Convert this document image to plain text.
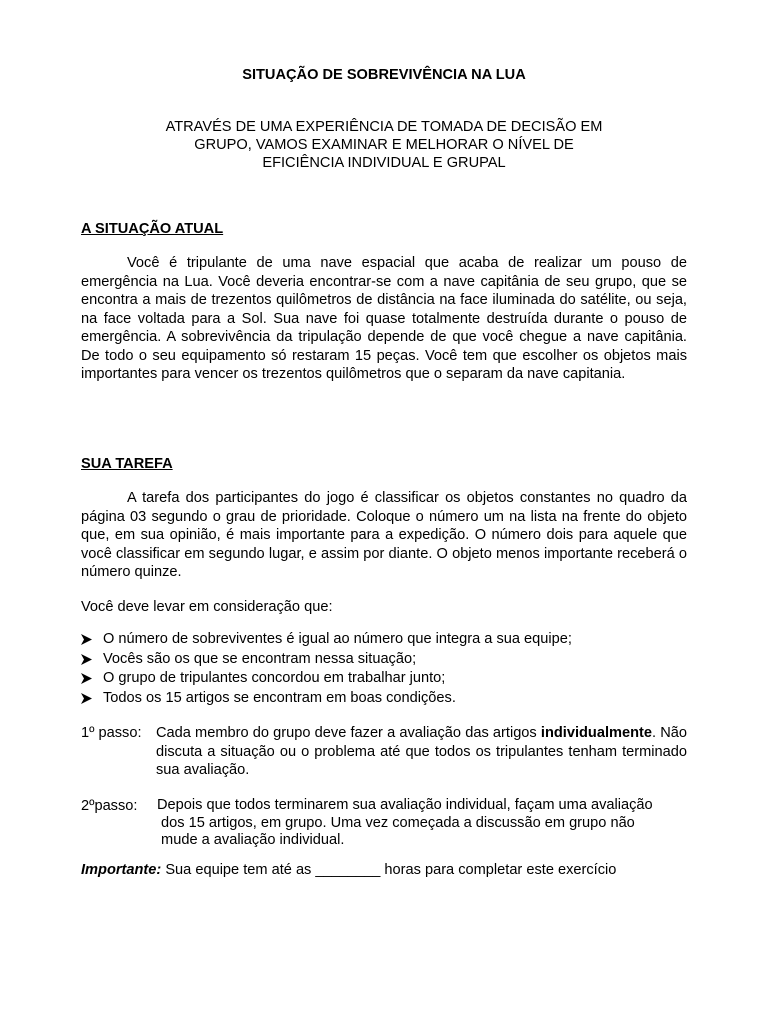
SITUAÇÃO DE SOBREVIVÊNCIA NA LUA

ATRAVÉS DE UMA EXPERIÊNCIA DE TOMADA DE DECISÃO EM
GRUPO, VAMOS EXAMINAR E MELHORAR O NÍVEL DE
EFICIÊNCIA INDIVIDUAL E GRUPAL

A SITUAÇÃO ATUAL

Você é tripulante de uma nave espacial que acaba de realizar um pouso de emergência na Lua. Você deveria encontrar-se com a nave capitânia de seu grupo, que se encontra a mais de trezentos quilômetros de distância na face iluminada do satélite, ou seja, na face voltada para a Sol. Sua nave foi quase totalmente destruída durante o pouso de emergência. A sobrevivência da tripulação depende de que você chegue a nave capitânia. De todo o seu equipamento só restaram 15 peças. Você tem que escolher os objetos mais importantes para vencer os trezentos quilômetros que o separam da nave capitania.

SUA TAREFA

A tarefa dos participantes do jogo é classificar os objetos constantes no quadro da página 03 segundo o grau de prioridade. Coloque o número um na lista na frente do objeto que, em sua opinião, é mais importante para a expedição. O número dois para aquele que você classificar em segundo lugar, e assim por diante. O objeto menos importante receberá o número quinze.

Você deve levar em consideração que:

O número de sobreviventes é igual ao número que integra a sua equipe;
Vocês são os que se encontram nessa situação;
O grupo de tripulantes concordou em trabalhar junto;
Todos os 15 artigos se encontram em boas condições.
1º passo: Cada membro do grupo deve fazer a avaliação das artigos individualmente. Não discuta a situação ou o problema até que todos os tripulantes tenham terminado sua avaliação.

2ºpasso: Depois que todos terminarem sua avaliação individual, façam uma avaliação
dos 15 artigos, em grupo. Uma vez começada a discussão em grupo não
mude a avaliação individual.

Importante: Sua equipe tem até as ________ horas para completar este exercício
